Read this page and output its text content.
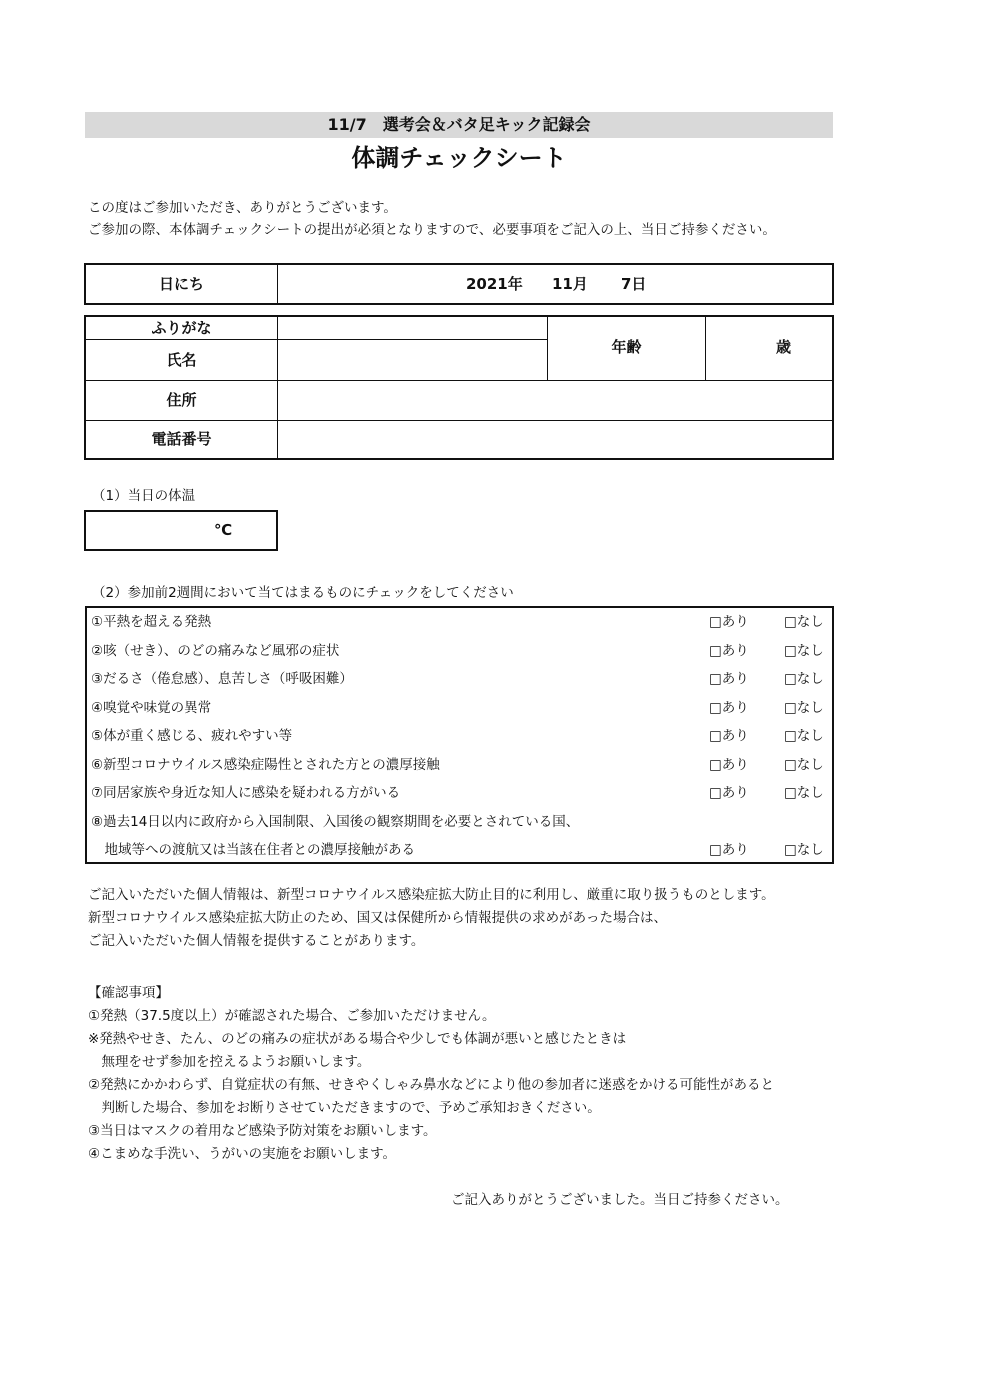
11/7　選考会＆バタ足キック記録会
体調チェックシート
この度はご参加いただき、ありがとうございます。
ご参加の際、本体調チェックシートの提出が必須となりますので、必要事項をご記入の上、当日ご持参ください。
日にち	2021年 11月 7日
ふりがな
氏名
年齢	歳
住所
電話番号
（1）当日の体温
℃
（2）参加前2週間において当てはまるものにチェックをしてください
①平熱を超える発熱	□あり	□なし
②咳（せき）、のどの痛みなど風邪の症状	□あり	□なし
③だるさ（倦怠感）、息苦しさ（呼吸困難）	□あり	□なし
④嗅覚や味覚の異常	□あり	□なし
⑤体が重く感じる、疲れやすい等	□あり	□なし
⑥新型コロナウイルス感染症陽性とされた方との濃厚接触	□あり	□なし
⑦同居家族や身近な知人に感染を疑われる方がいる	□あり	□なし
⑧過去14日以内に政府から入国制限、入国後の観察期間を必要とされている国、
　地域等への渡航又は当該在住者との濃厚接触がある	□あり	□なし
ご記入いただいた個人情報は、新型コロナウイルス感染症拡大防止目的に利用し、厳重に取り扱うものとします。
新型コロナウイルス感染症拡大防止のため、国又は保健所から情報提供の求めがあった場合は、
ご記入いただいた個人情報を提供することがあります。
【確認事項】
①発熱（37.5度以上）が確認された場合、ご参加いただけません。
※発熱やせき、たん、のどの痛みの症状がある場合や少しでも体調が悪いと感じたときは
　無理をせず参加を控えるようお願いします。
②発熱にかかわらず、自覚症状の有無、せきやくしゃみ鼻水などにより他の参加者に迷惑をかける可能性があると
　判断した場合、参加をお断りさせていただきますので、予めご承知おきください。
③当日はマスクの着用など感染予防対策をお願いします。
④こまめな手洗い、うがいの実施をお願いします。
ご記入ありがとうございました。当日ご持参ください。
